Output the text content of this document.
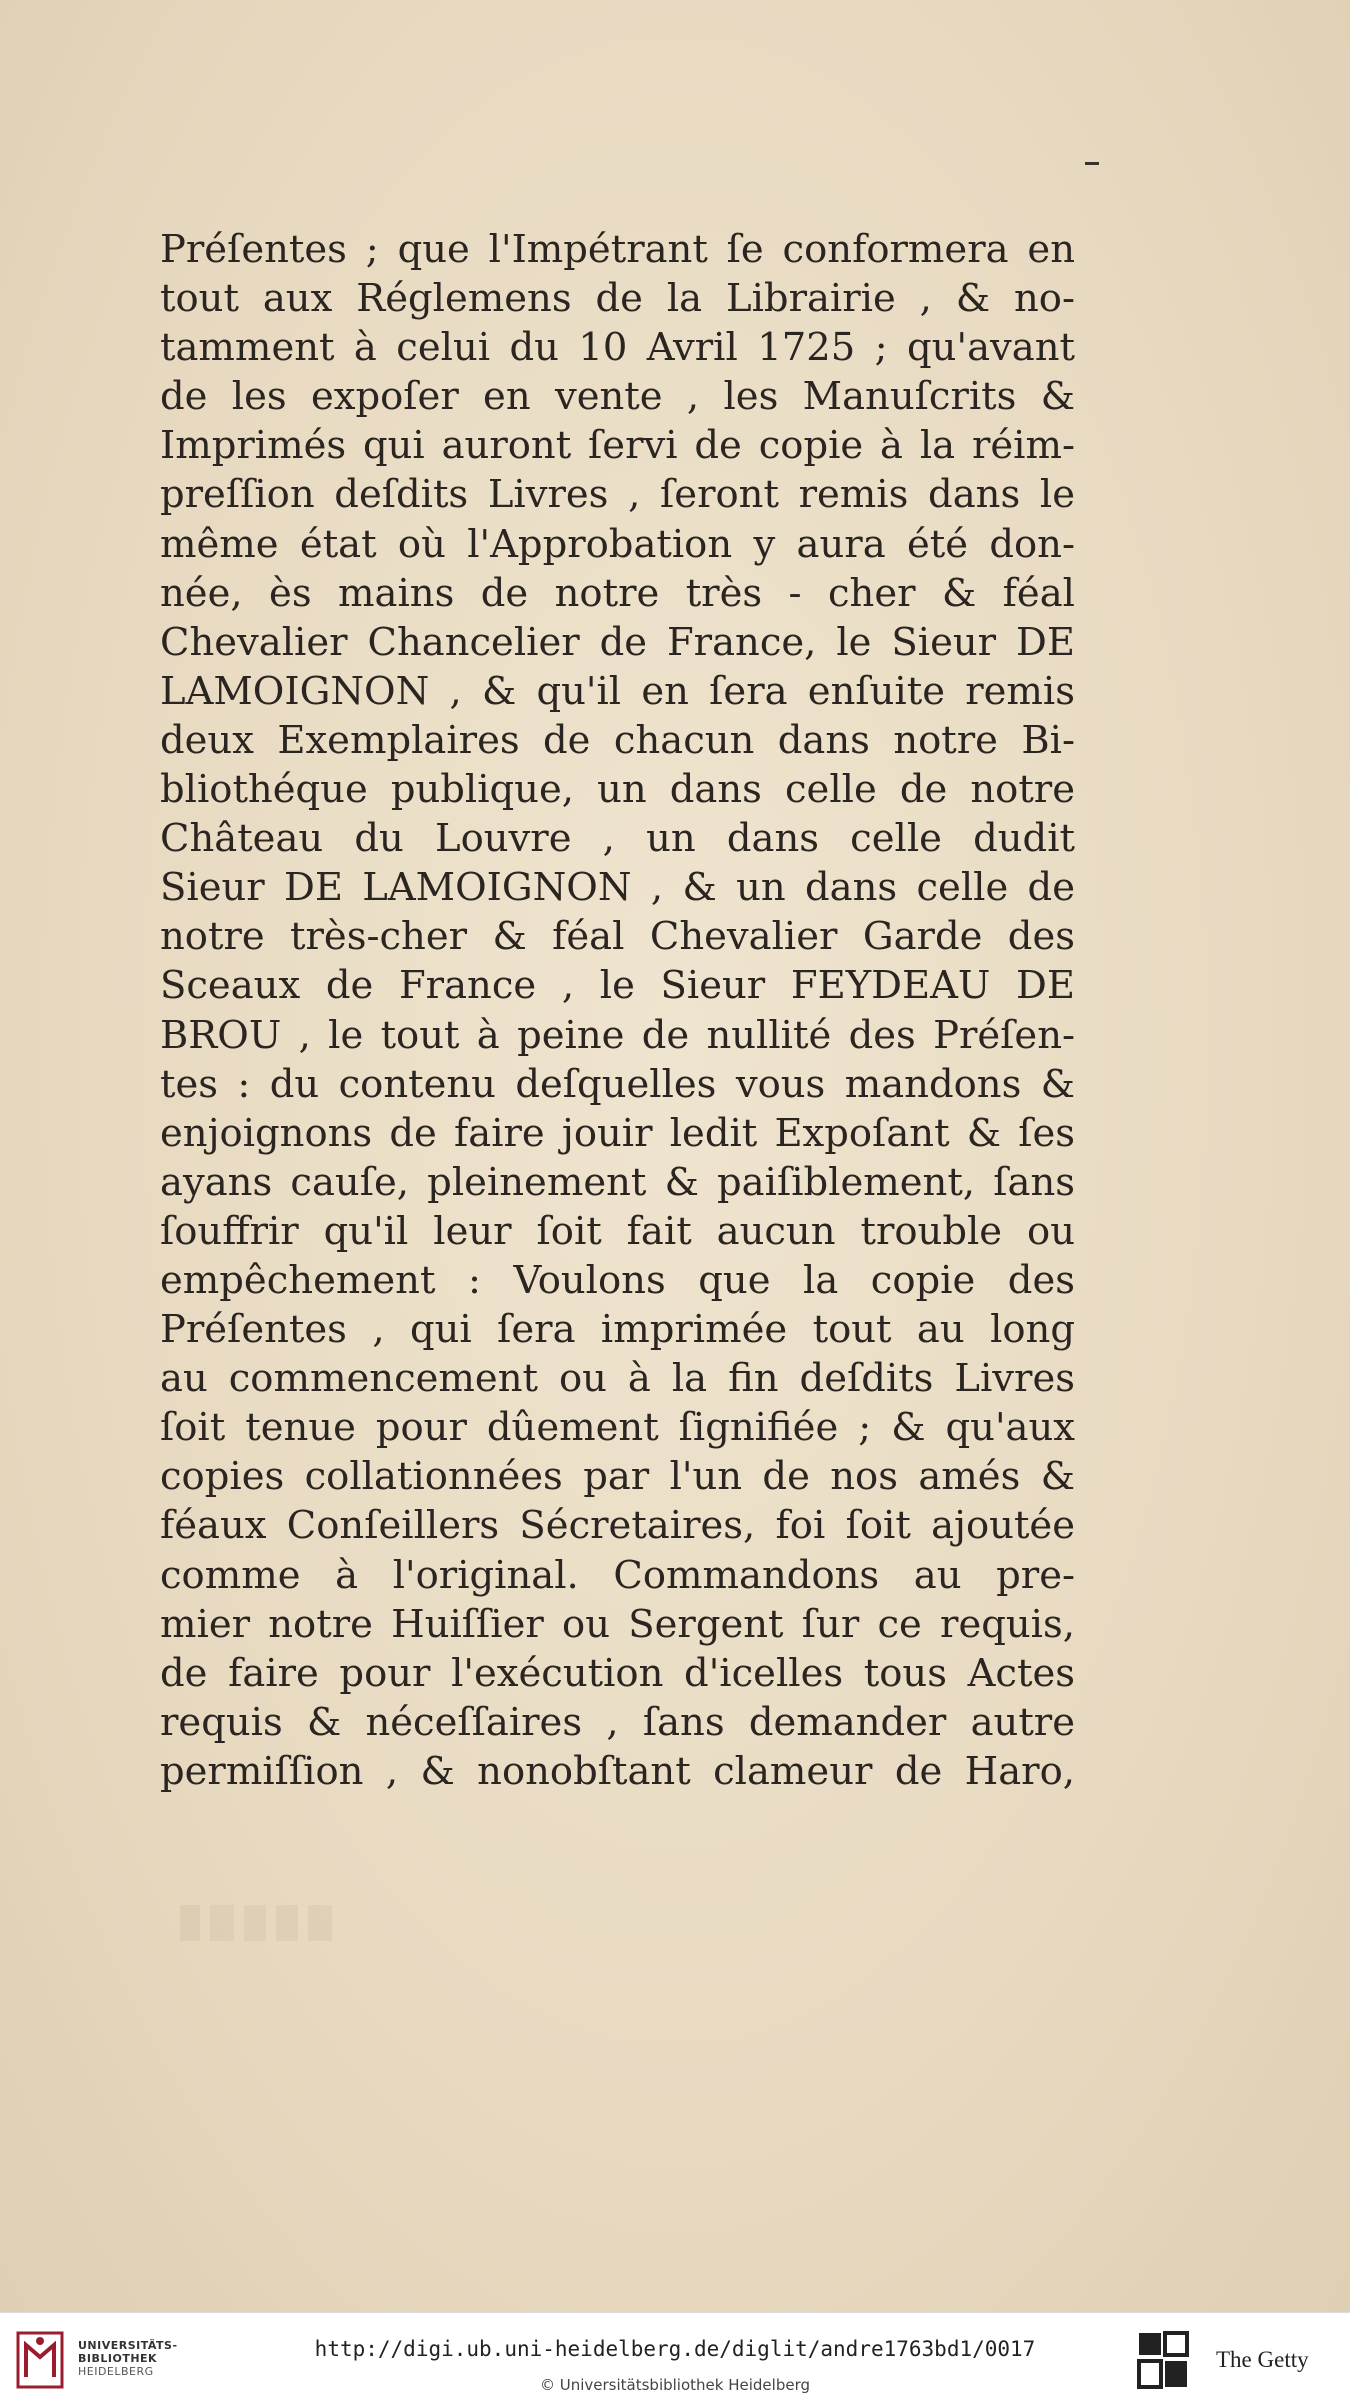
Préſentes ; que l'Impétrant ſe conformera en
tout aux Réglemens de la Librairie , & no-
tamment à celui du 10 Avril 1725 ; qu'avant
de les expoſer en vente , les Manuſcrits &
Imprimés qui auront ſervi de copie à la réim-
preſſion deſdits Livres , ſeront remis dans le
même état où l'Approbation y aura été don-
née, ès mains de notre très - cher & féal
Chevalier Chancelier de France, le Sieur DE
LAMOIGNON , & qu'il en ſera enſuite remis
deux Exemplaires de chacun dans notre Bi-
bliothéque publique, un dans celle de notre
Château du Louvre , un dans celle dudit
Sieur DE LAMOIGNON , & un dans celle de
notre très-cher & féal Chevalier Garde des
Sceaux de France , le Sieur FEYDEAU DE
BROU , le tout à peine de nullité des Préſen-
tes : du contenu deſquelles vous mandons &
enjoignons de faire jouir ledit Expoſant & ſes
ayans cauſe, pleinement & paiſiblement, ſans
ſouffrir qu'il leur ſoit fait aucun trouble ou
empêchement : Voulons que la copie des
Préſentes , qui ſera imprimée tout au long
au commencement ou à la fin deſdits Livres
ſoit tenue pour dûement ſignifiée ; & qu'aux
copies collationnées par l'un de nos amés &
féaux Conſeillers Sécretaires, foi ſoit ajoutée
comme à l'original. Commandons au pre-
mier notre Huiſſier ou Sergent ſur ce requis,
de faire pour l'exécution d'icelles tous Actes
requis & néceſſaires , ſans demander autre
permiſſion , & nonobſtant clameur de Haro,
UNIVERSITÄTS-
BIBLIOTHEK
HEIDELBERG
http://digi.ub.uni-heidelberg.de/diglit/andre1763bd1/0017
© Universitätsbibliothek Heidelberg
The Getty
